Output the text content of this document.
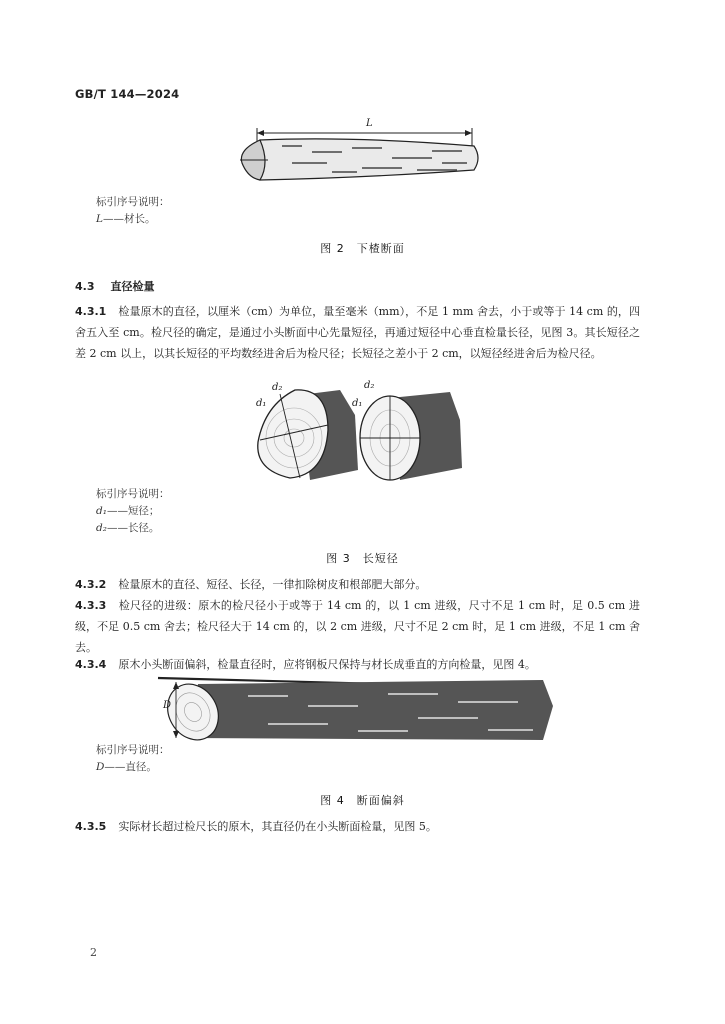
GB/T 144—2024
L
标引序号说明：
L——材长。
图 2　下楂断面
4.3 直径检量
4.3.1 检量原木的直径，以厘米（cm）为单位，量至毫米（mm），不足 1 mm 舍去，小于或等于 14 cm 的，四舍五入至 cm。检尺径的确定，是通过小头断面中心先量短径，再通过短径中心垂直检量长径，见图 3。其长短径之差 2 cm 以上，以其长短径的平均数经进舍后为检尺径；长短径之差小于 2 cm，以短径经进舍后为检尺径。
d₂
d₁
d₂
d₁
标引序号说明：
d₁——短径；
d₂——长径。
图 3　长短径
4.3.2 检量原木的直径、短径、长径，一律扣除树皮和根部肥大部分。
4.3.3 检尺径的进级：原木的检尺径小于或等于 14 cm 的，以 1 cm 进级，尺寸不足 1 cm 时，足 0.5 cm 进级，不足 0.5 cm 舍去；检尺径大于 14 cm 的，以 2 cm 进级，尺寸不足 2 cm 时，足 1 cm 进级，不足 1 cm 舍去。
4.3.4 原木小头断面偏斜，检量直径时，应将钢板尺保持与材长成垂直的方向检量，见图 4。
D
标引序号说明：
D——直径。
图 4　断面偏斜
4.3.5 实际材长超过检尺长的原木，其直径仍在小头断面检量，见图 5。
2
